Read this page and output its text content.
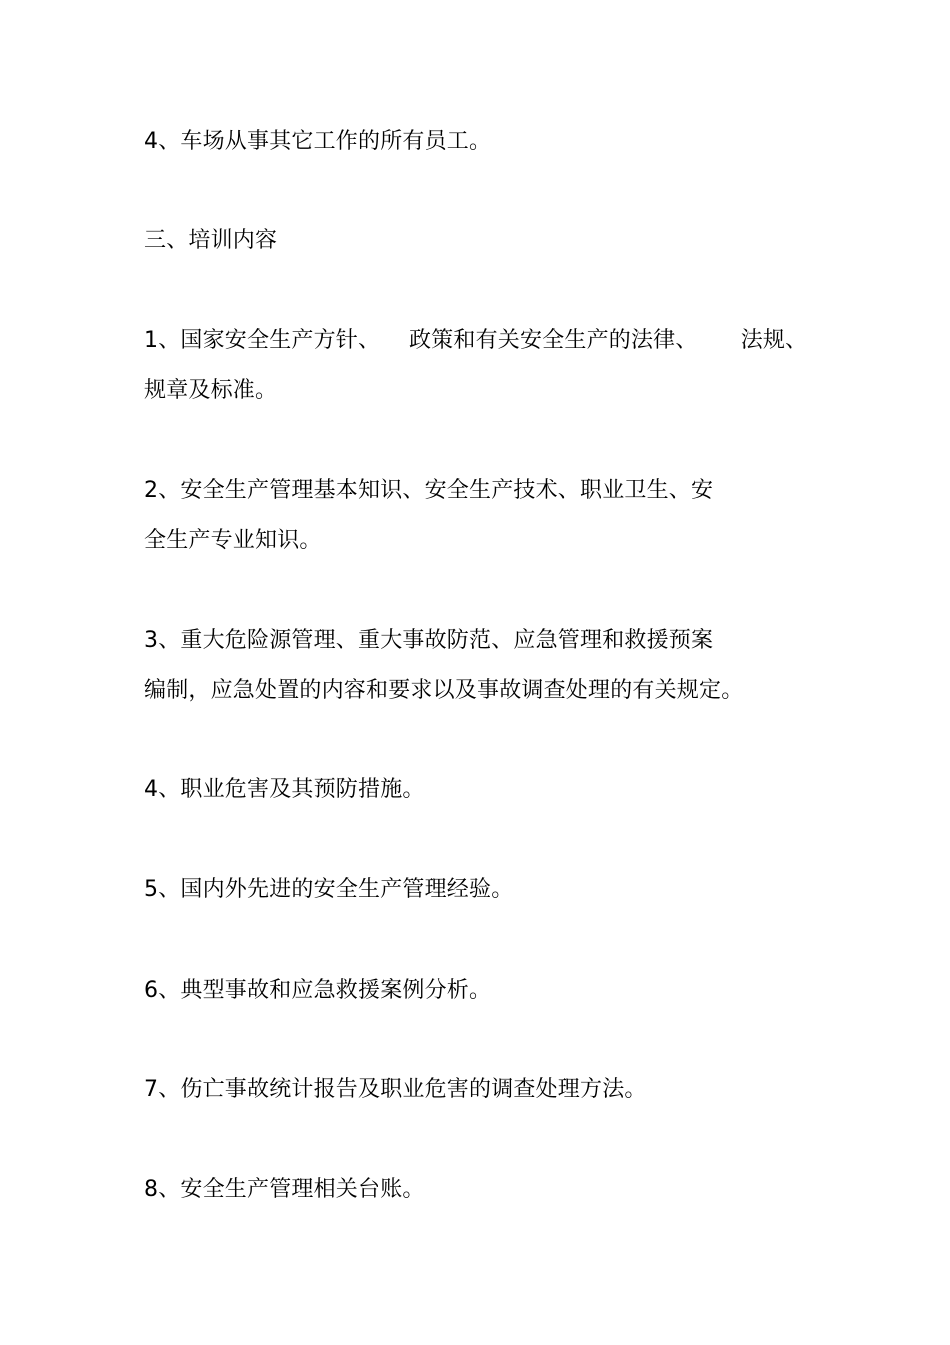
4、车场从事其它工作的所有员工。

三、培训内容

1、国家安全生产方针、    政策和有关安全生产的法律、      法规、

规章及标准。

2、安全生产管理基本知识、安全生产技术、职业卫生、安

全生产专业知识。

3、重大危险源管理、重大事故防范、应急管理和救援预案

编制，应急处置的内容和要求以及事故调查处理的有关规定。

4、职业危害及其预防措施。

5、国内外先进的安全生产管理经验。

6、典型事故和应急救援案例分析。

7、伤亡事故统计报告及职业危害的调查处理方法。

8、安全生产管理相关台账。
